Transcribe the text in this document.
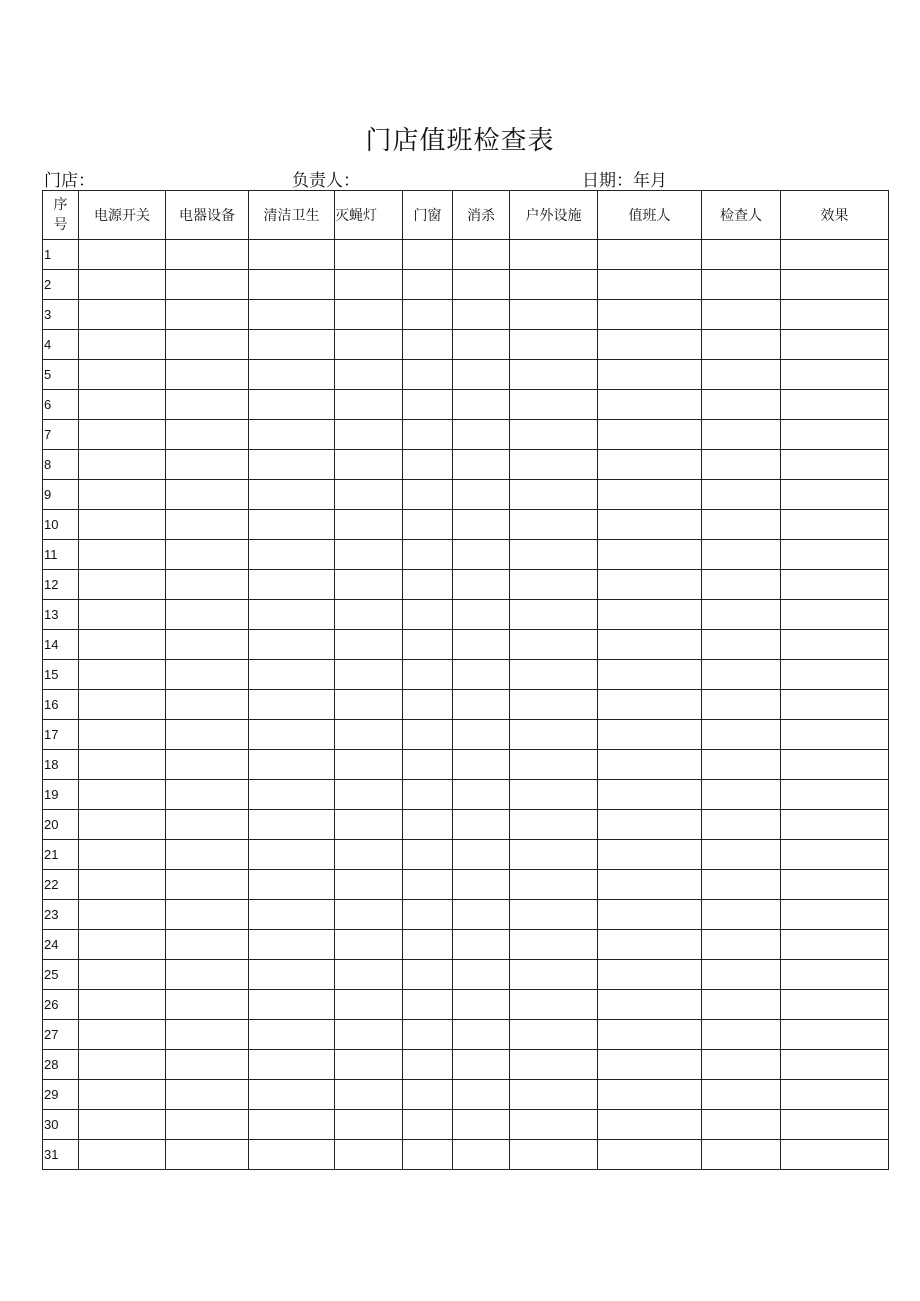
门店值班检查表
门店：	负责人：	日期：年月
序
号	电源开关	电器设备	清洁卫生	灭蝇灯	门窗	消杀	户外设施	值班人	检查人	效果
1										
2										
3										
4										
5										
6										
7										
8										
9										
10										
11										
12										
13										
14										
15										
16										
17										
18										
19										
20										
21										
22										
23										
24										
25										
26										
27										
28										
29										
30										
31										
